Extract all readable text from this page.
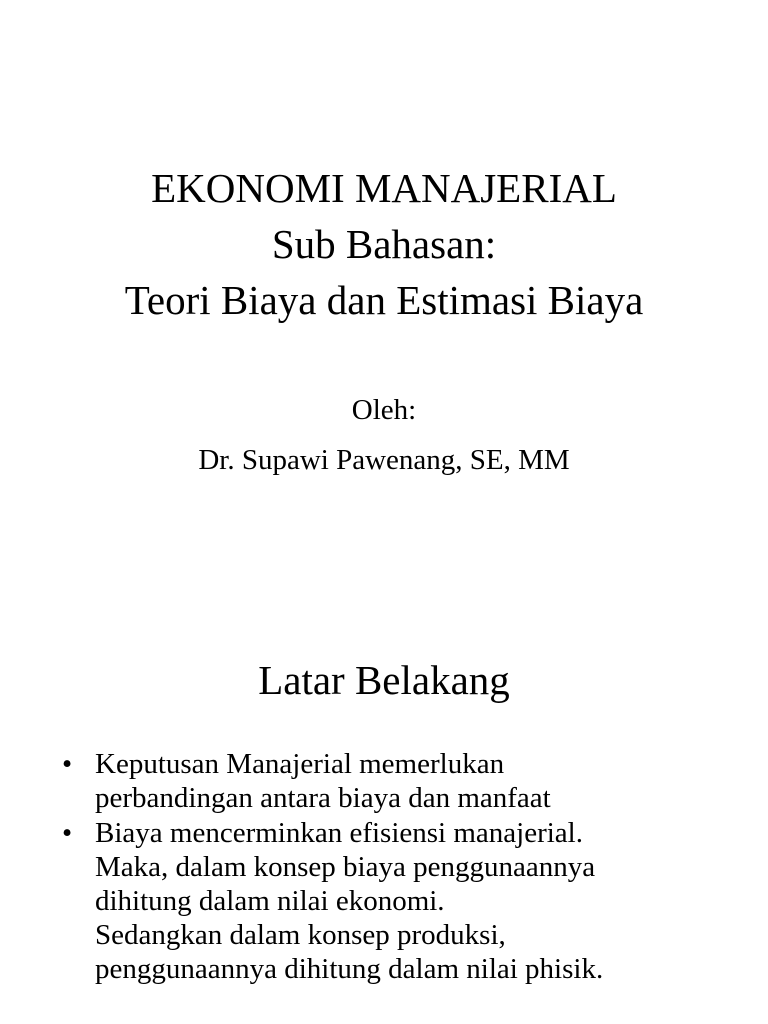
EKONOMI MANAJERIAL
Sub Bahasan:
Teori Biaya dan Estimasi Biaya
Oleh:
Dr. Supawi Pawenang, SE, MM
Latar Belakang
• Keputusan Manajerial memerlukan
perbandingan antara biaya dan manfaat
• Biaya mencerminkan efisiensi manajerial.
Maka, dalam konsep biaya penggunaannya
dihitung dalam nilai ekonomi.
Sedangkan dalam konsep produksi,
penggunaannya dihitung dalam nilai phisik.
